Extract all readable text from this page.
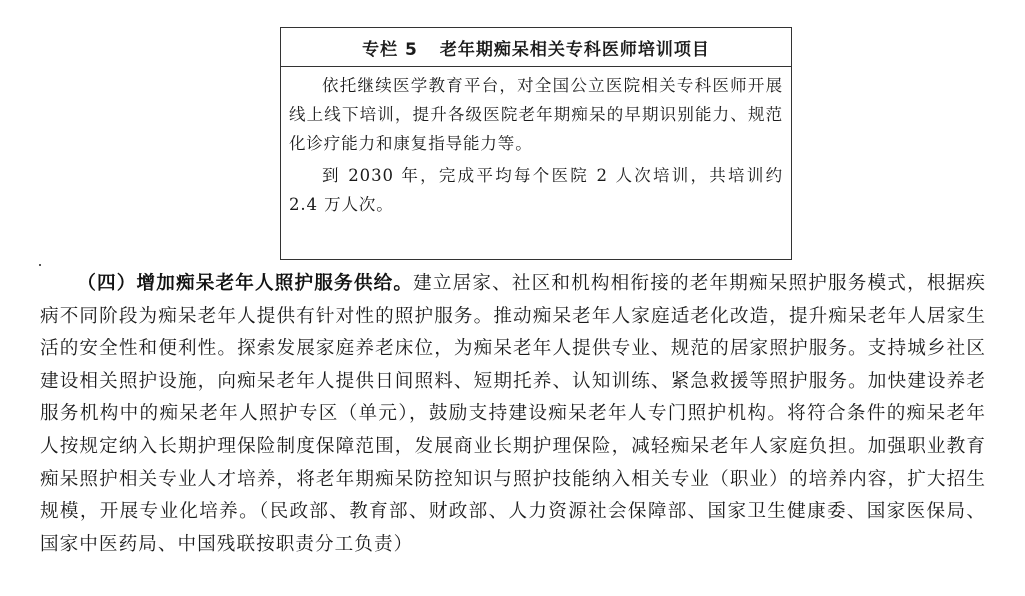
专栏 5 老年期痴呆相关专科医师培训项目

依托继续医学教育平台，对全国公立医院相关专科医师开展线上线下培训，提升各级医院老年期痴呆的早期识别能力、规范化诊疗能力和康复指导能力等。

到 2030 年，完成平均每个医院 2 人次培训，共培训约 2.4 万人次。

（四）增加痴呆老年人照护服务供给。建立居家、社区和机构相衔接的老年期痴呆照护服务模式，根据疾病不同阶段为痴呆老年人提供有针对性的照护服务。推动痴呆老年人家庭适老化改造，提升痴呆老年人居家生活的安全性和便利性。探索发展家庭养老床位，为痴呆老年人提供专业、规范的居家照护服务。支持城乡社区建设相关照护设施，向痴呆老年人提供日间照料、短期托养、认知训练、紧急救援等照护服务。加快建设养老服务机构中的痴呆老年人照护专区（单元），鼓励支持建设痴呆老年人专门照护机构。将符合条件的痴呆老年人按规定纳入长期护理保险制度保障范围，发展商业长期护理保险，减轻痴呆老年人家庭负担。加强职业教育痴呆照护相关专业人才培养，将老年期痴呆防控知识与照护技能纳入相关专业（职业）的培养内容，扩大招生规模，开展专业化培养。（民政部、教育部、财政部、人力资源社会保障部、国家卫生健康委、国家医保局、国家中医药局、中国残联按职责分工负责）
